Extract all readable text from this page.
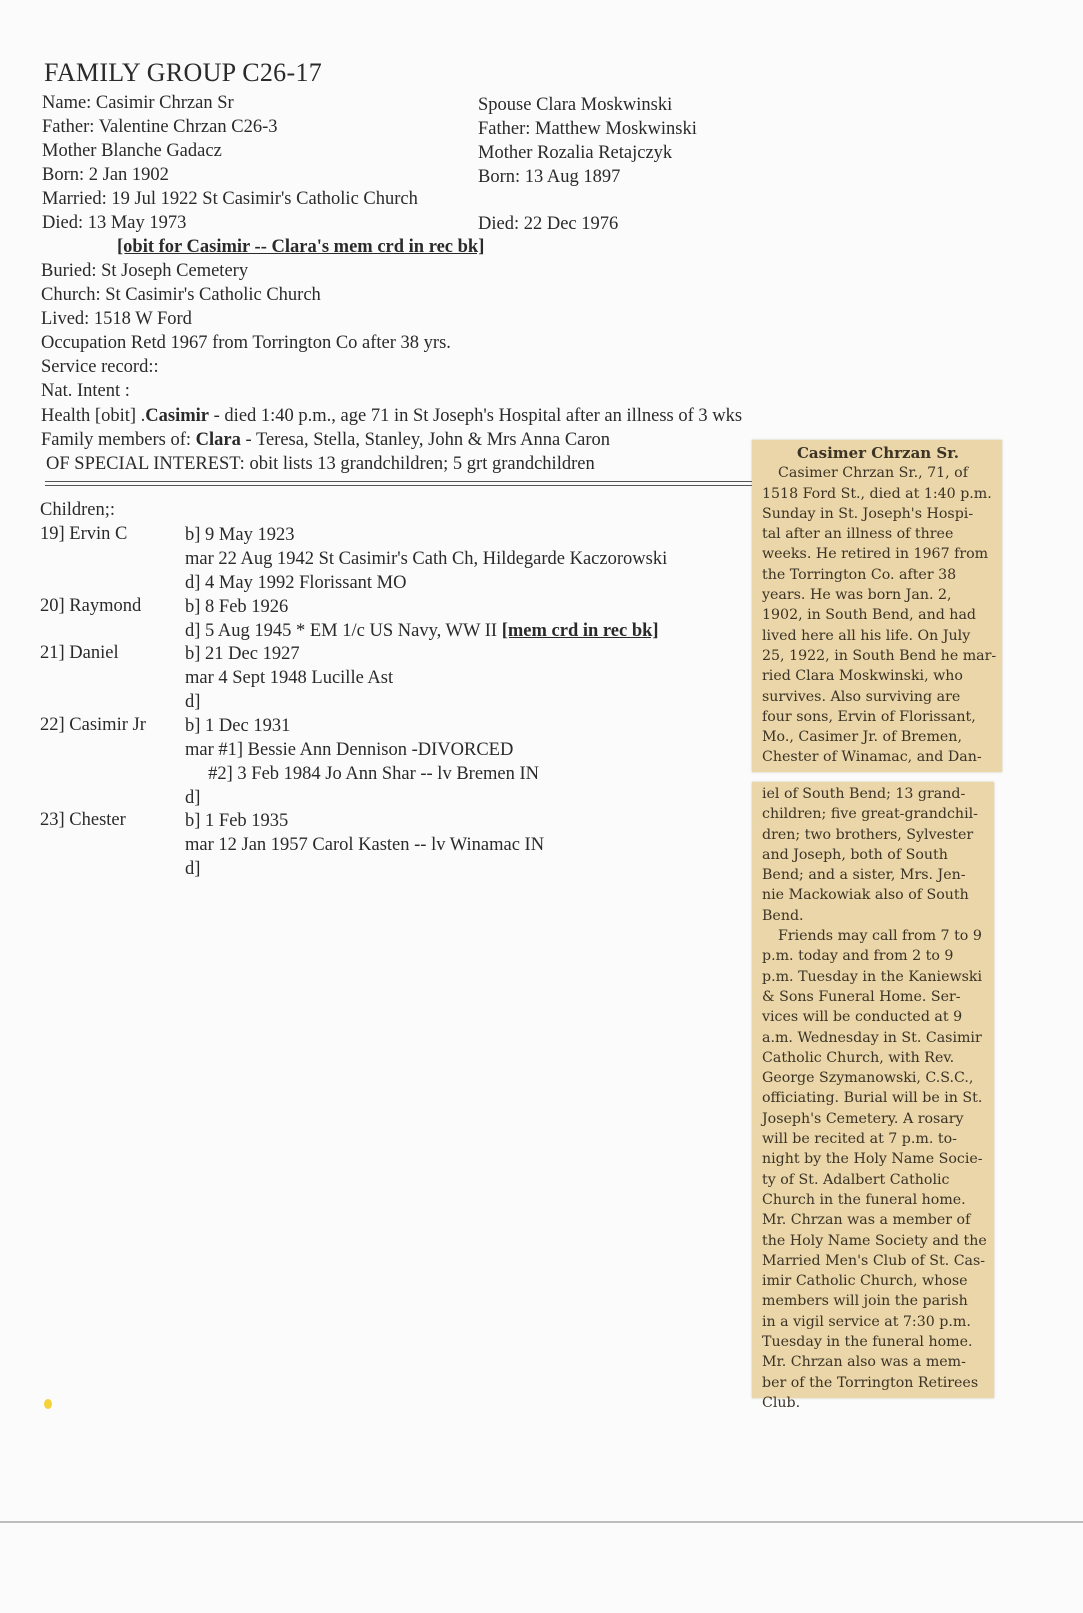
FAMILY GROUP C26-17
Name: Casimir Chrzan Sr
Father: Valentine Chrzan C26-3
Mother Blanche Gadacz
Born: 2 Jan 1902
Married: 19 Jul 1922 St Casimir's Catholic Church
Died: 13 May 1973
Spouse Clara Moskwinski
Father: Matthew Moskwinski
Mother Rozalia Retajczyk
Born: 13 Aug 1897
Died: 22 Dec 1976
[obit for Casimir -- Clara's mem crd in rec bk]
Buried: St Joseph Cemetery
Church: St Casimir's Catholic Church
Lived: 1518 W Ford
Occupation Retd 1967 from Torrington Co after 38 yrs.
Service record::
Nat. Intent :
Health [obit] .Casimir - died 1:40 p.m., age 71 in St Joseph's Hospital after an illness of 3 wks
Family members of: Clara - Teresa, Stella, Stanley, John & Mrs Anna Caron
OF SPECIAL INTEREST: obit lists 13 grandchildren; 5 grt grandchildren
Children;:
19] Ervin C	b] 9 May 1923
mar 22 Aug 1942 St Casimir's Cath Ch, Hildegarde Kaczorowski
d] 4 May 1992 Florissant MO
20] Raymond b] 8 Feb 1926
d] 5 Aug 1945 * EM 1/c US Navy, WW II [mem crd in rec bk]
21] Daniel	b] 21 Dec 1927
mar 4 Sept 1948 Lucille Ast
d]
22] Casimir Jr b] 1 Dec 1931
mar #1] Bessie Ann Dennison -DIVORCED
#2] 3 Feb 1984 Jo Ann Shar -- lv Bremen IN
d]
23] Chester	b] 1 Feb 1935
mar 12 Jan 1957 Carol Kasten -- lv Winamac IN
d]
Casimer Chrzan Sr.
Casimer Chrzan Sr., 71, of
1518 Ford St., died at 1:40 p.m.
Sunday in St. Joseph's Hospi-
tal after an illness of three
weeks. He retired in 1967 from
the Torrington Co. after 38
years. He was born Jan. 2,
1902, in South Bend, and had
lived here all his life. On July
25, 1922, in South Bend he mar-
ried Clara Moskwinski, who
survives. Also surviving are
four sons, Ervin of Florissant,
Mo., Casimer Jr. of Bremen,
Chester of Winamac, and Dan-
iel of South Bend; 13 grand-
children; five great-grandchil-
dren; two brothers, Sylvester
and Joseph, both of South
Bend; and a sister, Mrs. Jen-
nie Mackowiak also of South
Bend.
Friends may call from 7 to 9
p.m. today and from 2 to 9
p.m. Tuesday in the Kaniewski
& Sons Funeral Home. Ser-
vices will be conducted at 9
a.m. Wednesday in St. Casimir
Catholic Church, with Rev.
George Szymanowski, C.S.C.,
officiating. Burial will be in St.
Joseph's Cemetery. A rosary
will be recited at 7 p.m. to-
night by the Holy Name Socie-
ty of St. Adalbert Catholic
Church in the funeral home.
Mr. Chrzan was a member of
the Holy Name Society and the
Married Men's Club of St. Cas-
imir Catholic Church, whose
members will join the parish
in a vigil service at 7:30 p.m.
Tuesday in the funeral home.
Mr. Chrzan also was a mem-
ber of the Torrington Retirees
Club.
